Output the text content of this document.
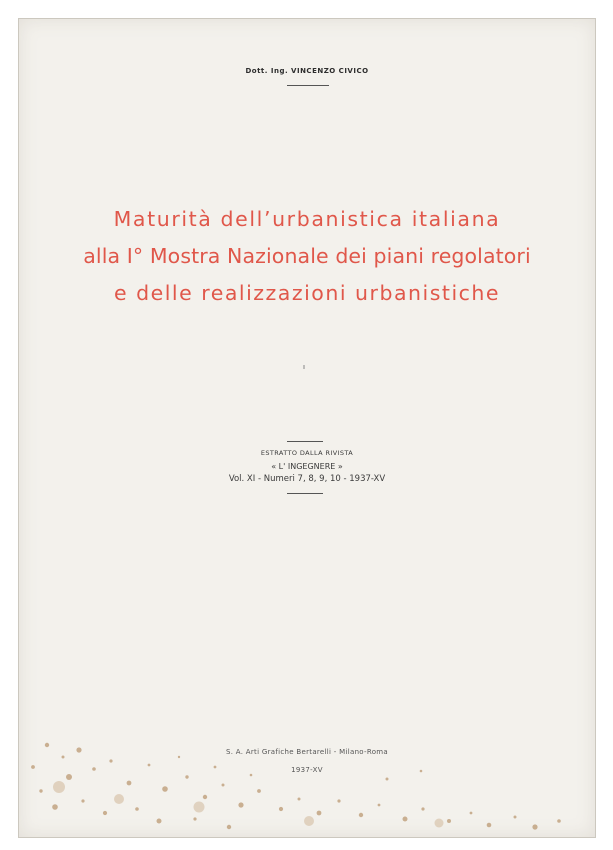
Dott. Ing. VINCENZO CIVICO
Maturità dell’urbanistica italiana
alla I° Mostra Nazionale dei piani regolatori
e delle realizzazioni urbanistiche
ESTRATTO DALLA RIVISTA
« L' INGEGNERE »
Vol. XI - Numeri 7, 8, 9, 10 - 1937-XV
S. A. Arti Grafiche Bertarelli - Milano-Roma
1937-XV
